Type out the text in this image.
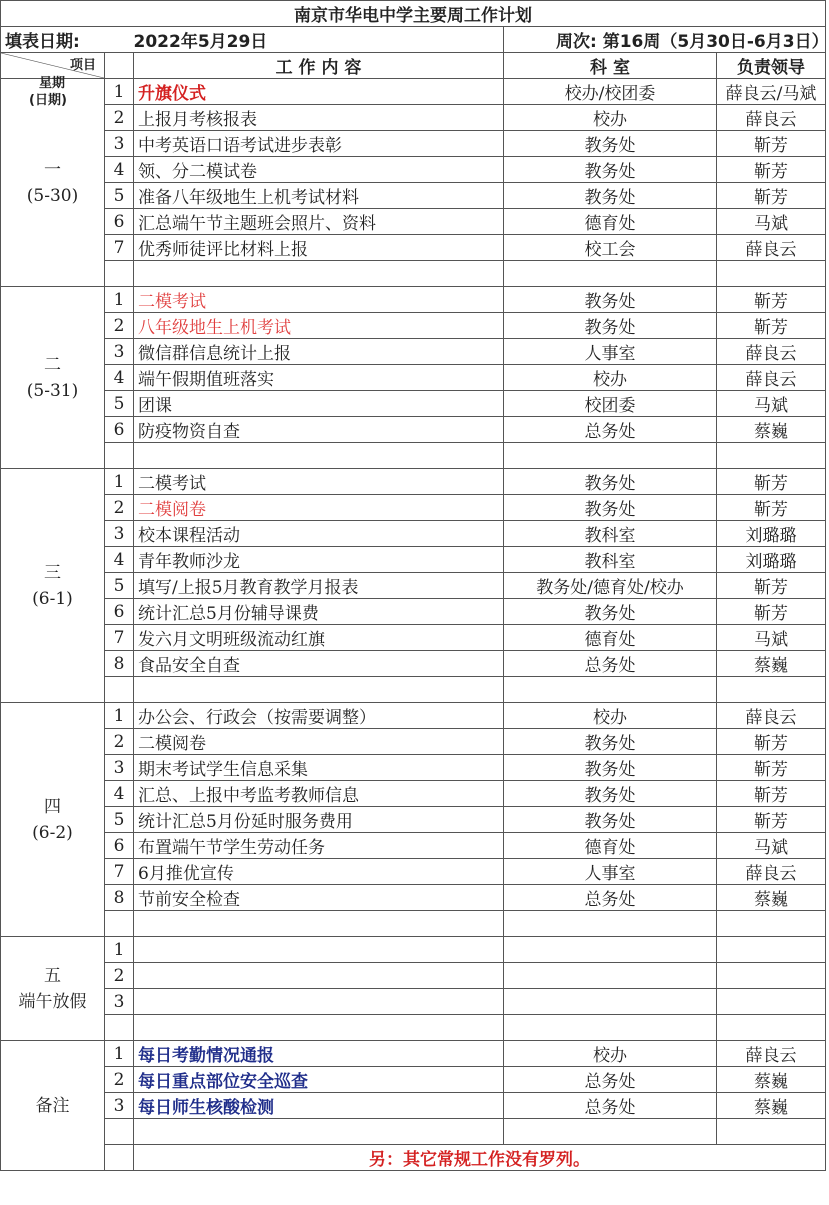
南京市华电中学主要周工作计划				
填表日期:		2022年5月29日	周次: 第16周（5月30日-6月3日）	

项目
星期
(日期)		工 作 内 容	科 室	负责领导

一
(5-30)	1	升旗仪式	校办/校团委	薛良云/马斌
	2	上报月考核报表	校办	薛良云
	3	中考英语口语考试进步表彰	教务处	靳芳
	4	领、分二模试卷	教务处	靳芳
	5	准备八年级地生上机考试材料	教务处	靳芳
	6	汇总端午节主题班会照片、资料	德育处	马斌
	7	优秀师徒评比材料上报	校工会	薛良云

二
(5-31)	1	二模考试	教务处	靳芳
	2	八年级地生上机考试	教务处	靳芳
	3	微信群信息统计上报	人事室	薛良云
	4	端午假期值班落实	校办	薛良云
	5	团课	校团委	马斌
	6	防疫物资自查	总务处	蔡巍

三
(6-1)	1	二模考试	教务处	靳芳
	2	二模阅卷	教务处	靳芳
	3	校本课程活动	教科室	刘璐璐
	4	青年教师沙龙	教科室	刘璐璐
	5	填写/上报5月教育教学月报表	教务处/德育处/校办	靳芳
	6	统计汇总5月份辅导课费	教务处	靳芳
	7	发六月文明班级流动红旗	德育处	马斌
	8	食品安全自查	总务处	蔡巍

四
(6-2)	1	办公会、行政会（按需要调整）	校办	薛良云
	2	二模阅卷	教务处	靳芳
	3	期末考试学生信息采集	教务处	靳芳
	4	汇总、上报中考监考教师信息	教务处	靳芳
	5	统计汇总5月份延时服务费用	教务处	靳芳
	6	布置端午节学生劳动任务	德育处	马斌
	7	6月推优宣传	人事室	薛良云
	8	节前安全检查	总务处	蔡巍

五
端午放假	1			
	2			
	3			

备注	1	每日考勤情况通报	校办	薛良云
	2	每日重点部位安全巡查	总务处	蔡巍
	3	每日师生核酸检测	总务处	蔡巍

		另：其它常规工作没有罗列。		
